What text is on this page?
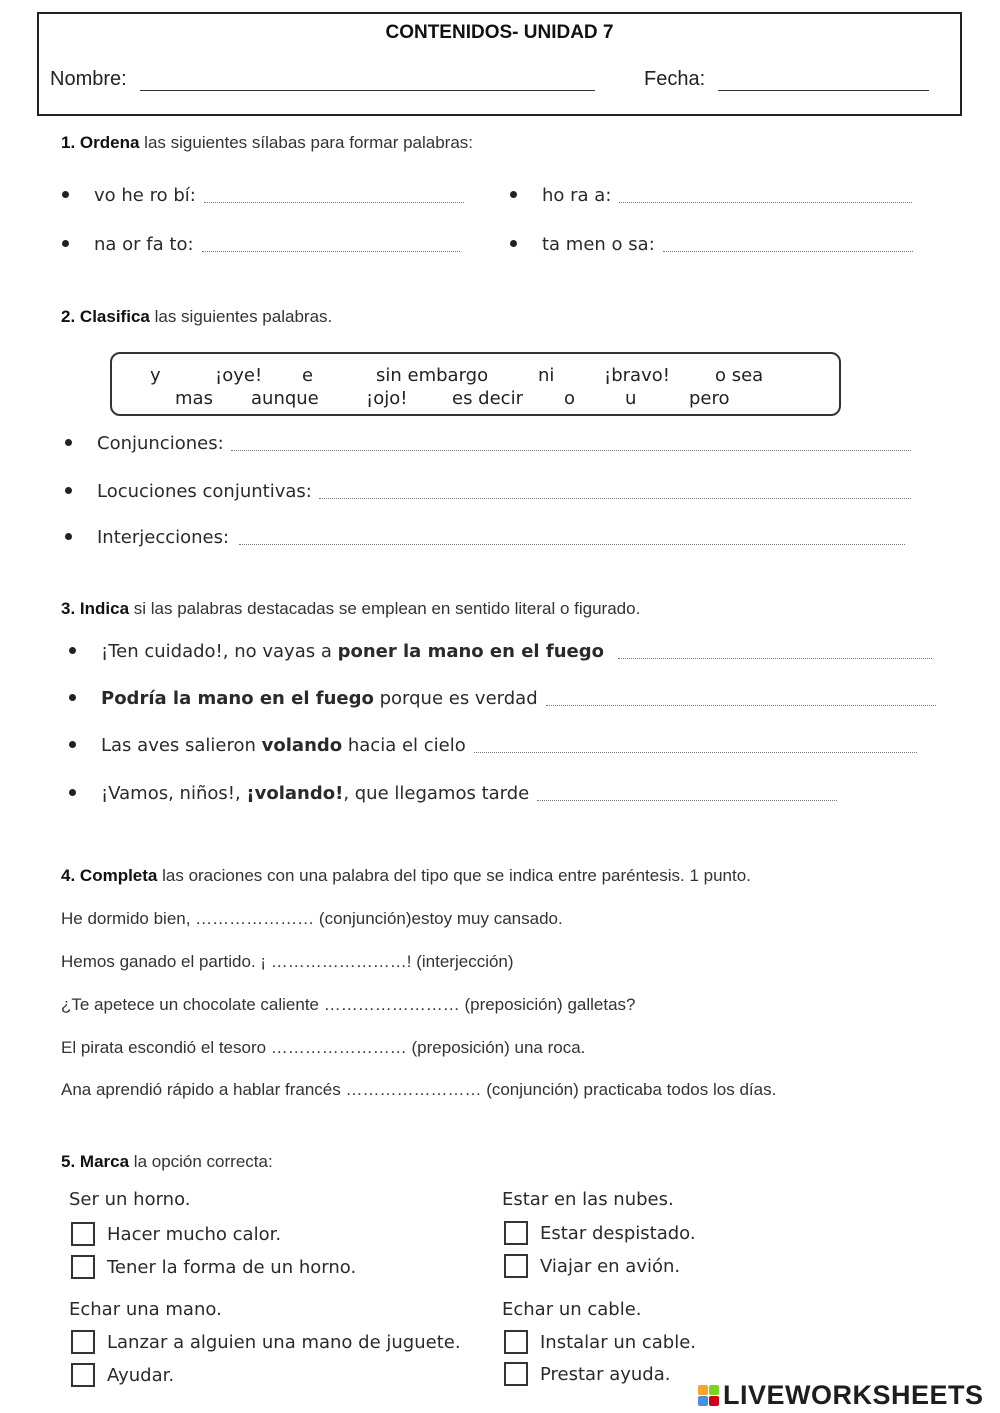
CONTENIDOS- UNIDAD 7
Nombre:	Fecha:
1. Ordena las siguientes sílabas para formar palabras:
vo he ro bí:	ho ra a:
na or fa to:	ta men o sa:
2. Clasifica las siguientes palabras.
y	¡oye! e	sin embargo	ni	¡bravo!	o sea
mas aunque	¡ojo! es decir o	u	pero
Conjunciones:
Locuciones conjuntivas:
Interjecciones:
3. Indica si las palabras destacadas se emplean en sentido literal o figurado.
¡Ten cuidado!, no vayas a poner la mano en el fuego
Podría la mano en el fuego porque es verdad
Las aves salieron volando hacia el cielo
¡Vamos, niños!, ¡volando!, que llegamos tarde
4. Completa las oraciones con una palabra del tipo que se indica entre paréntesis. 1 punto.
He dormido bien, ………………… (conjunción)estoy muy cansado.
Hemos ganado el partido. ¡ ……………………! (interjección)
¿Te apetece un chocolate caliente …………………… (preposición) galletas?
El pirata escondió el tesoro …………………… (preposición) una roca.
Ana aprendió rápido a hablar francés …………………… (conjunción) practicaba todos los días.
5. Marca la opción correcta:
Ser un horno.
Hacer mucho calor.
Tener la forma de un horno.
Estar en las nubes.
Estar despistado.
Viajar en avión.
Echar una mano.
Lanzar a alguien una mano de juguete.
Ayudar.
Echar un cable.
Instalar un cable.
Prestar ayuda.
LIVEWORKSHEETS
